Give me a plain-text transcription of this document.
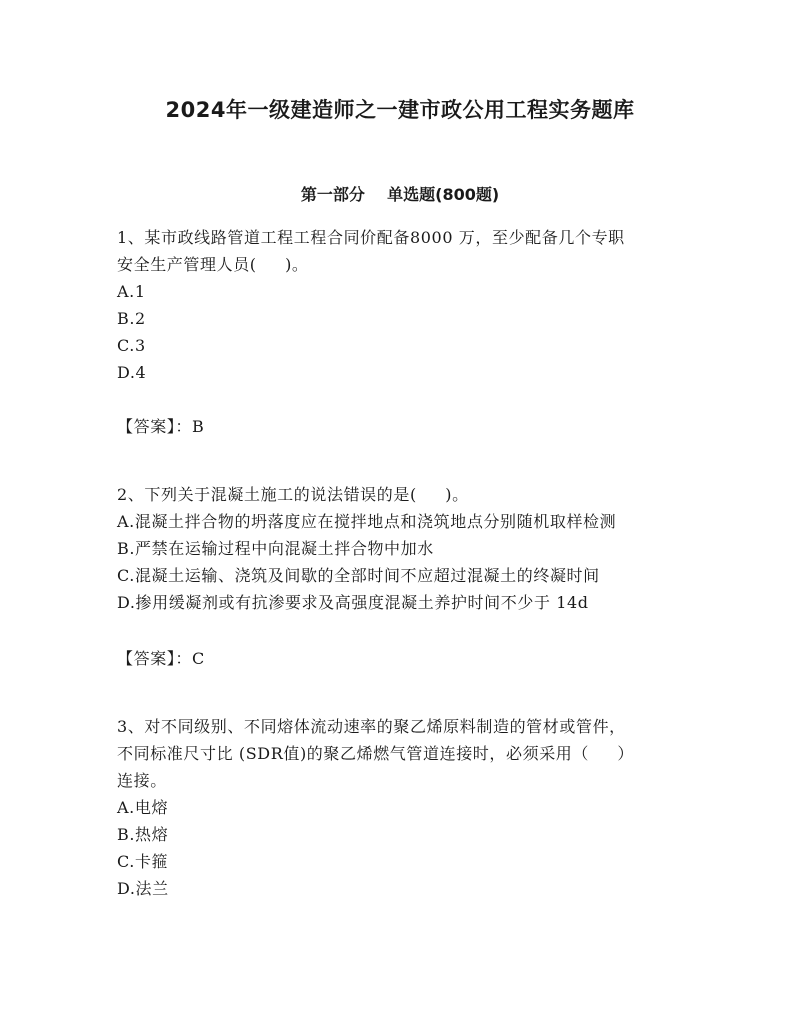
2024年一级建造师之一建市政公用工程实务题库
第一部分    单选题(800题)
1、某市政线路管道工程工程合同价配备8000 万，至少配备几个专职
安全生产管理人员(     )。
A.1
B.2
C.3
D.4
【答案】：B
2、下列关于混凝土施工的说法错误的是(     )。
A.混凝土拌合物的坍落度应在搅拌地点和浇筑地点分别随机取样检测
B.严禁在运输过程中向混凝土拌合物中加水
C.混凝土运输、浇筑及间歇的全部时间不应超过混凝土的终凝时间
D.掺用缓凝剂或有抗渗要求及高强度混凝土养护时间不少于 14d
【答案】：C
3、对不同级别、不同熔体流动速率的聚乙烯原料制造的管材或管件，
不同标准尺寸比 (SDR值)的聚乙烯燃气管道连接时，必须采用（     ）
连接。
A.电熔
B.热熔
C.卡箍
D.法兰
